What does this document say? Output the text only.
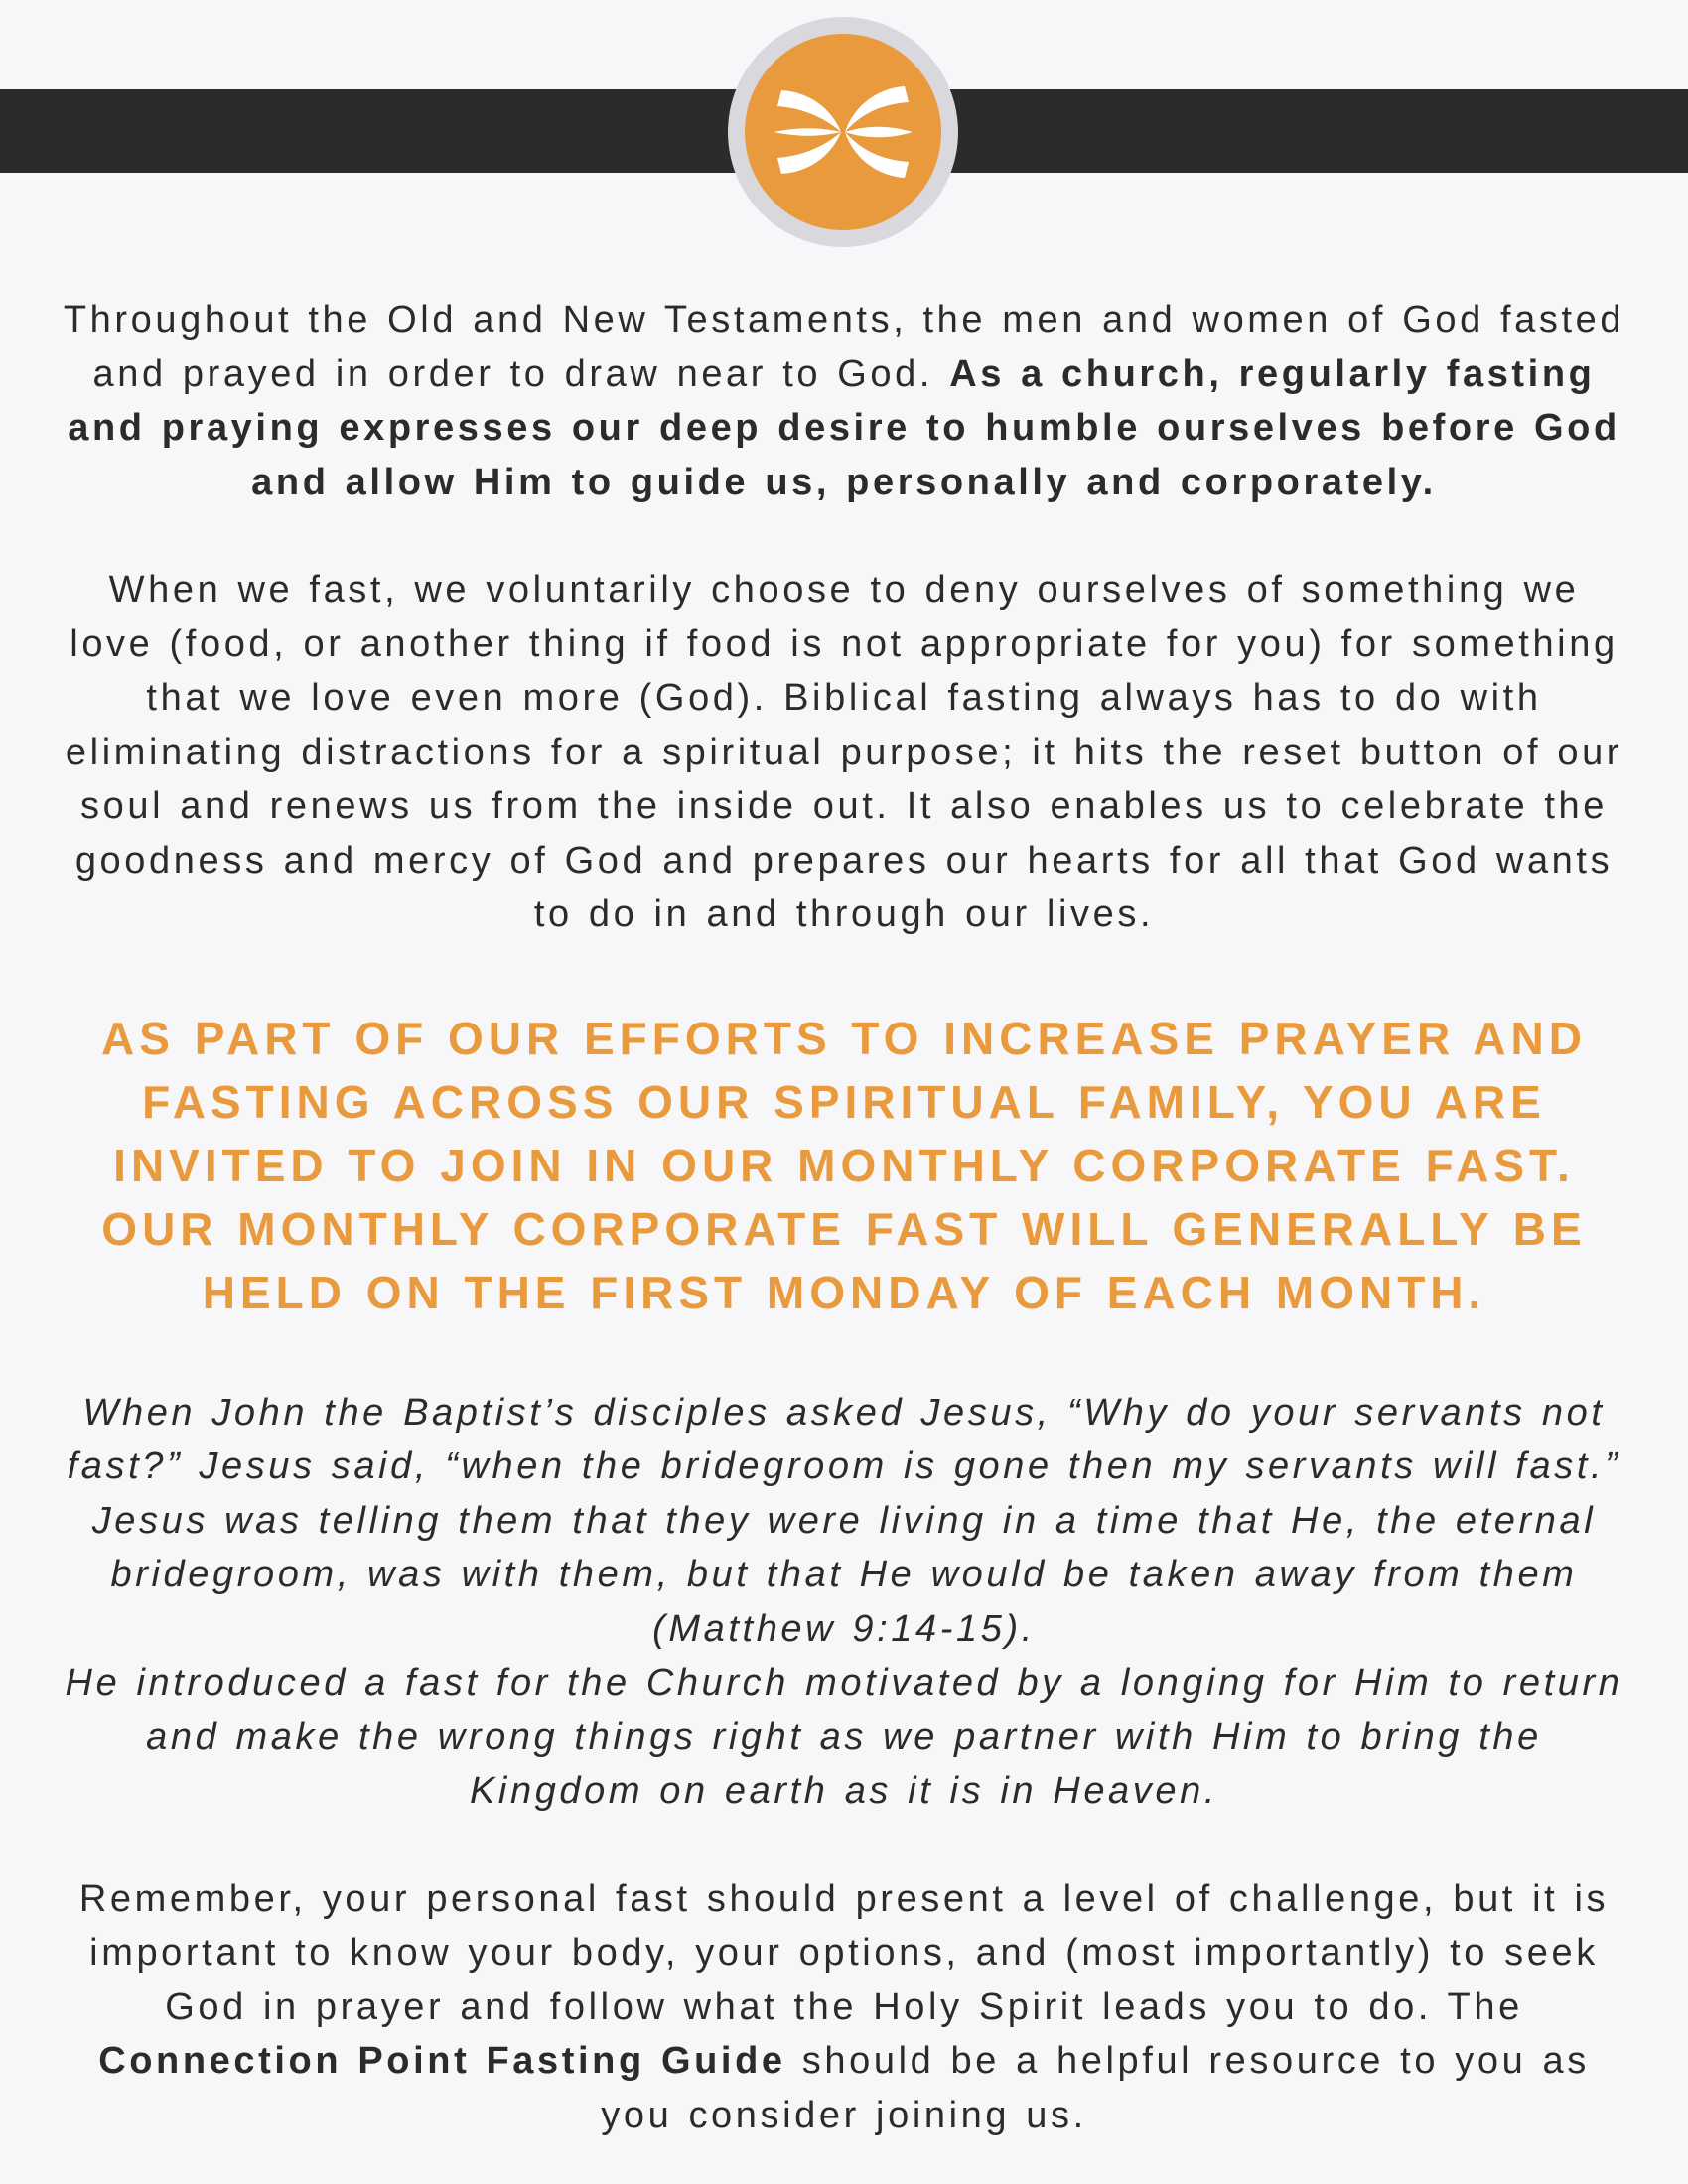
Throughout the Old and New Testaments, the men and women of God fasted and prayed in order to draw near to God. As a church, regularly fasting and praying expresses our deep desire to humble ourselves before God and allow Him to guide us, personally and corporately.

When we fast, we voluntarily choose to deny ourselves of something we love (food, or another thing if food is not appropriate for you) for something that we love even more (God). Biblical fasting always has to do with eliminating distractions for a spiritual purpose; it hits the reset button of our soul and renews us from the inside out. It also enables us to celebrate the goodness and mercy of God and prepares our hearts for all that God wants to do in and through our lives.

AS PART OF OUR EFFORTS TO INCREASE PRAYER AND FASTING ACROSS OUR SPIRITUAL FAMILY, YOU ARE INVITED TO JOIN IN OUR MONTHLY CORPORATE FAST. OUR MONTHLY CORPORATE FAST WILL GENERALLY BE HELD ON THE FIRST MONDAY OF EACH MONTH.

When John the Baptist’s disciples asked Jesus, “Why do your servants not fast?” Jesus said, “when the bridegroom is gone then my servants will fast.” Jesus was telling them that they were living in a time that He, the eternal bridegroom, was with them, but that He would be taken away from them (Matthew 9:14-15).
He introduced a fast for the Church motivated by a longing for Him to return and make the wrong things right as we partner with Him to bring the Kingdom on earth as it is in Heaven.

Remember, your personal fast should present a level of challenge, but it is important to know your body, your options, and (most importantly) to seek God in prayer and follow what the Holy Spirit leads you to do. The Connection Point Fasting Guide should be a helpful resource to you as you consider joining us.
